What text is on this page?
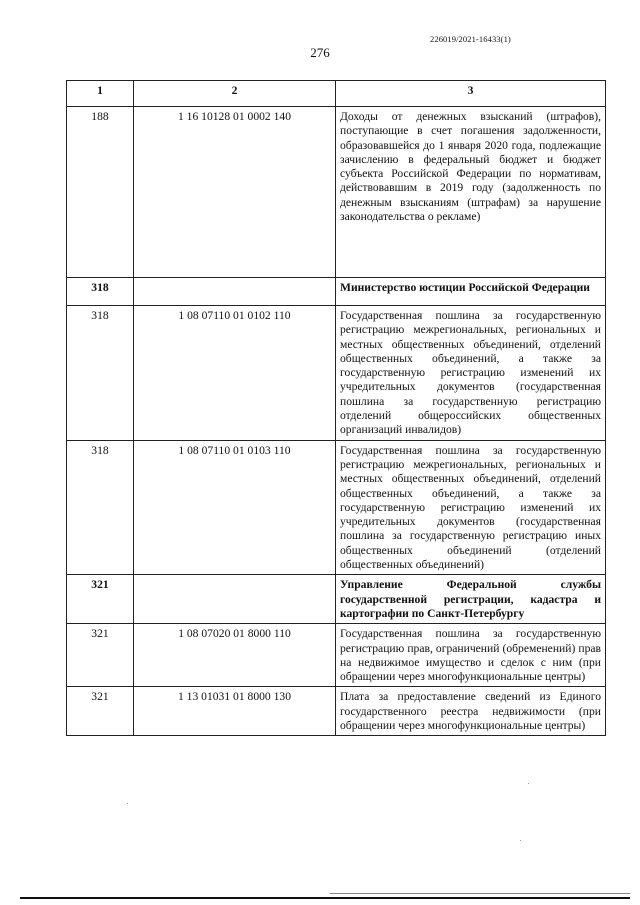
226019/2021-16433(1)
276
1	2	3
188	1 16 10128 01 0002 140	Доходы от денежных взысканий (штрафов), поступающие в счет погашения задолженности, образовавшейся до 1 января 2020 года, подлежащие зачислению в федеральный бюджет и бюджет субъекта Российской Федерации по нормативам, действовавшим в 2019 году (задолженность по денежным взысканиям (штрафам) за нарушение законодательства о рекламе)
318		Министерство юстиции Российской Федерации
318	1 08 07110 01 0102 110	Государственная пошлина за государственную регистрацию межрегиональных, региональных и местных общественных объединений, отделений общественных объединений, а также за государственную регистрацию изменений их учредительных документов (государственная пошлина за государственную регистрацию отделений общероссийских общественных организаций инвалидов)
318	1 08 07110 01 0103 110	Государственная пошлина за государственную регистрацию межрегиональных, региональных и местных общественных объединений, отделений общественных объединений, а также за государственную регистрацию изменений их учредительных документов (государственная пошлина за государственную регистрацию иных общественных объединений (отделений общественных объединений)
321		Управление Федеральной службы государственной регистрации, кадастра и картографии по Санкт-Петербургу
321	1 08 07020 01 8000 110	Государственная пошлина за государственную регистрацию прав, ограничений (обременений) прав на недвижимое имущество и сделок с ним (при обращении через многофункциональные центры)
321	1 13 01031 01 8000 130	Плата за предоставление сведений из Единого государственного реестра недвижимости (при обращении через многофункциональные центры)
